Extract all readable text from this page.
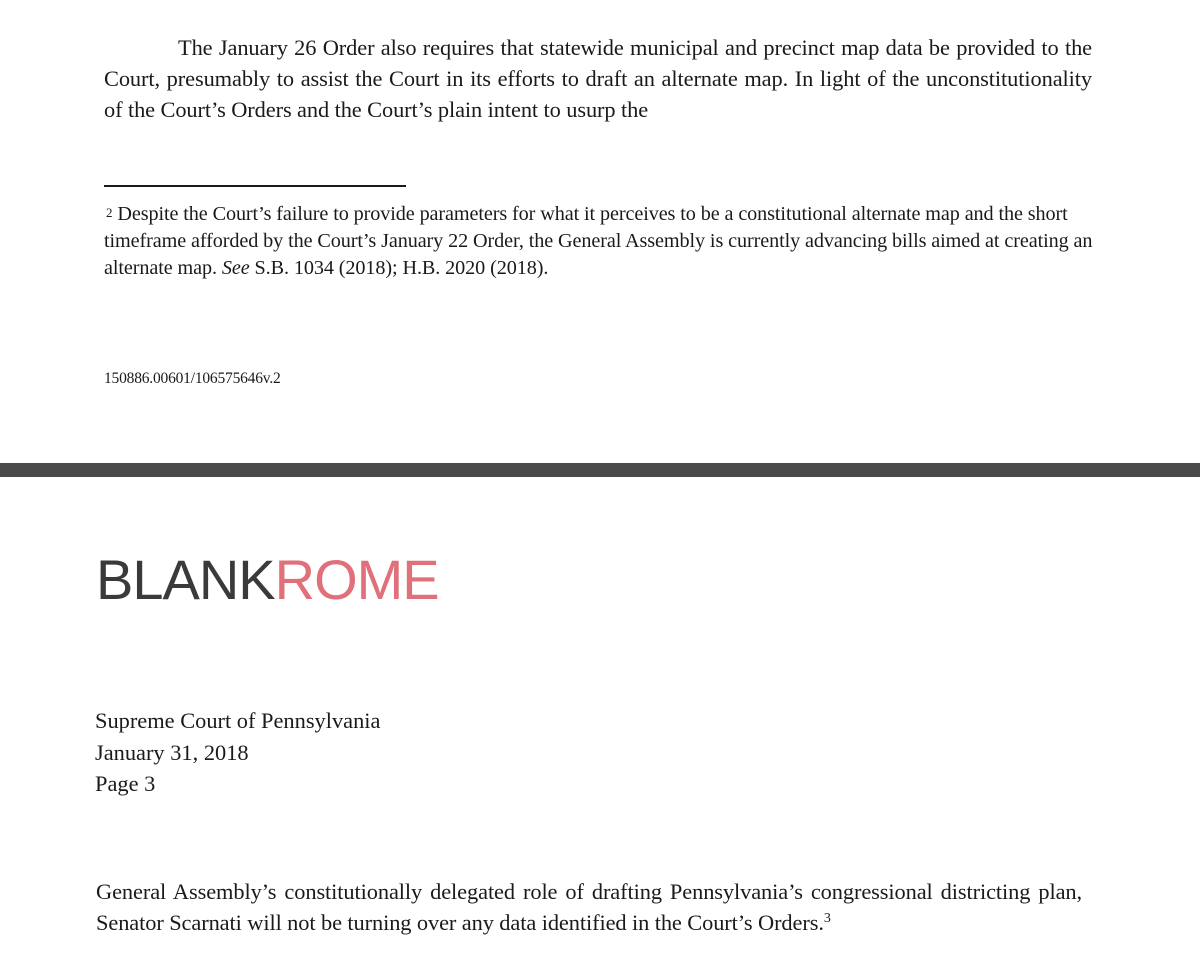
The January 26 Order also requires that statewide municipal and precinct map data be provided to the Court, presumably to assist the Court in its efforts to draft an alternate map. In light of the unconstitutionality of the Court’s Orders and the Court’s plain intent to usurp the

$^2$ Despite the Court’s failure to provide parameters for what it perceives to be a constitutional alternate map and the short timeframe afforded by the Court’s January 22 Order, the General Assembly is currently advancing bills aimed at creating an alternate map. See S.B. 1034 (2018); H.B. 2020 (2018).

150886.00601/106575646v.2
BLANKROME
Supreme Court of Pennsylvania
January 31, 2018
Page 3

General Assembly’s constitutionally delegated role of drafting Pennsylvania’s congressional districting plan, Senator Scarnati will not be turning over any data identified in the Court’s Orders.$^3$
